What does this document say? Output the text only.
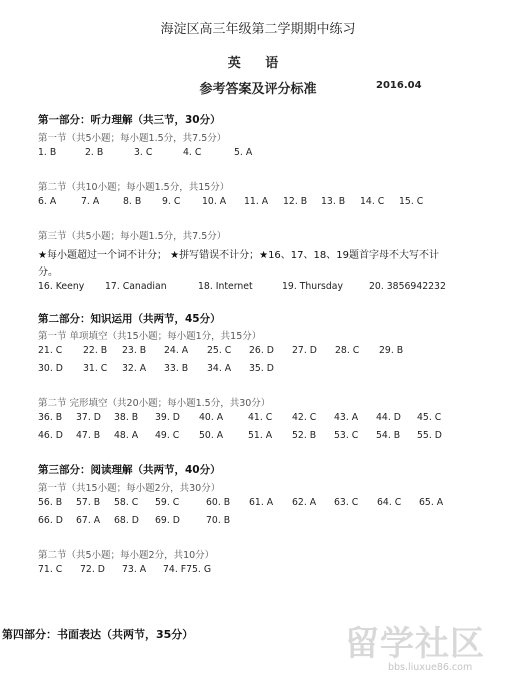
海淀区高三年级第二学期期中练习
英 语
参考答案及评分标准	2016.04
第一部分：听力理解（共三节，30分）
第一节（共5小题；每小题1.5分，共7.5分）
1. B	2. B	3. C	4. C	5. A
第二节（共10小题；每小题1.5分，共15分）
6. A	7. A	8. B 9. C 10. A 11. A 12. B 13. B 14. C 15. C
第三节（共5小题；每小题1.5分，共7.5分）
★每小题超过一个词不计分； ★拼写错误不计分；★16、17、18、19题首字母不大写不计
分。
16. Keeny 17. Canadian	18. Internet	19. Thursday	20. 3856942232
第二部分：知识运用（共两节，45分）
第一节 单项填空（共15小题；每小题1分，共15分）
21. C 22. B 23. B 24. A 25. C 26. D 27. D 28. C 29. B
30. D 31. C 32. A 33. B 34. A 35. D
第二节 完形填空（共20小题；每小题1.5分，共30分）
36. B 37. D 38. B 39. D 40. A	41. C 42. C 43. A 44. D 45. C
46. D 47. B 48. A 49. C 50. A	51. A 52. B 53. C 54. B 55. D
第三部分：阅读理解（共两节，40分）
第一节（共15小题；每小题2分，共30分）
56. B 57. B 58. C 59. C	60. B 61. A 62. A 63. C 64. C 65. A
66. D 67. A 68. D 69. D	70. B
第二节（共5小题；每小题2分，共10分）
71. C 72. D 73. A 74. F75. G
第四部分：书面表达（共两节，35分）	留学社区
bbs.liuxue86.com
